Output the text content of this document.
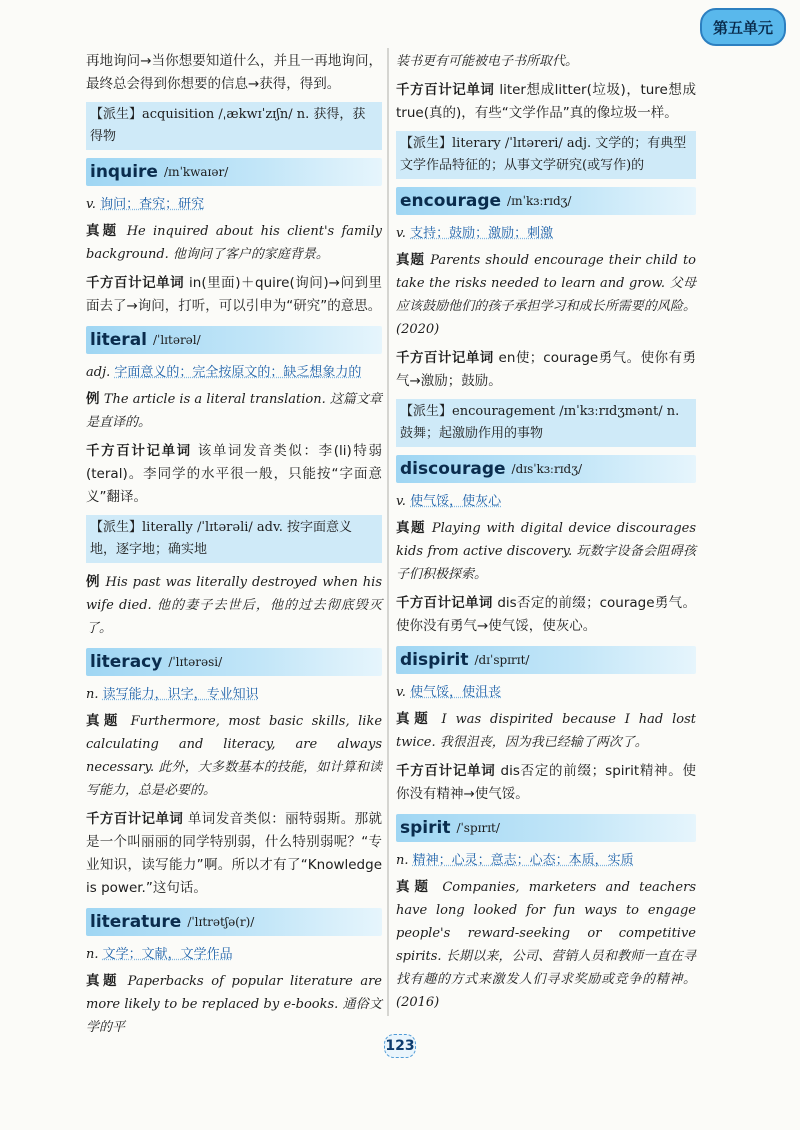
第五单元

再地询问→当你想要知道什么，并且一再地询问，最终总会得到你想要的信息→获得，得到。

【派生】acquisition /ˌækwɪˈzɪʃn/ n. 获得，获得物
inquire /ɪnˈkwaɪər/
v. 询问；查究；研究

真题 He inquired about his client's family background. 他询问了客户的家庭背景。

千方百计记单词 in(里面)＋quire(询问)→问到里面去了→询问，打听，可以引申为“研究”的意思。

literal /ˈlɪtərəl/
adj. 字面意义的；完全按原文的；缺乏想象力的

例 The article is a literal translation. 这篇文章是直译的。

千方百计记单词 该单词发音类似：李(li)特弱(teral)。李同学的水平很一般，只能按“字面意义”翻译。

【派生】literally /ˈlɪtərəli/ adv. 按字面意义地，逐字地；确实地

例 His past was literally destroyed when his wife died. 他的妻子去世后，他的过去彻底毁灭了。

literacy /ˈlɪtərəsi/
n. 读写能力，识字，专业知识

真题 Furthermore, most basic skills, like calculating and literacy, are always necessary. 此外，大多数基本的技能，如计算和读写能力，总是必要的。

千方百计记单词 单词发音类似：丽特弱斯。那就是一个叫丽丽的同学特别弱，什么特别弱呢？“专业知识，读写能力”啊。所以才有了“Knowledge is power.”这句话。

literature /ˈlɪtrətʃə(r)/
n. 文学；文献，文学作品

真题 Paperbacks of popular literature are more likely to be replaced by e-books. 通俗文学的平

装书更有可能被电子书所取代。

千方百计记单词 liter想成litter(垃圾)，ture想成true(真的)，有些“文学作品”真的像垃圾一样。

【派生】literary /ˈlɪtəreri/ adj. 文学的；有典型文学作品特征的；从事文学研究(或写作)的
encourage /ɪnˈkɜːrɪdʒ/
v. 支持；鼓励；激励；刺激

真题 Parents should encourage their child to take the risks needed to learn and grow. 父母应该鼓励他们的孩子承担学习和成长所需要的风险。(2020)

千方百计记单词 en使；courage勇气。使你有勇气→激励；鼓励。

【派生】encouragement /ɪnˈkɜːrɪdʒmənt/ n. 鼓舞；起激励作用的事物
discourage /dɪsˈkɜːrɪdʒ/
v. 使气馁，使灰心

真题 Playing with digital device discourages kids from active discovery. 玩数字设备会阻碍孩子们积极探索。

千方百计记单词 dis否定的前缀；courage勇气。使你没有勇气→使气馁，使灰心。

dispirit /dɪˈspɪrɪt/
v. 使气馁，使沮丧

真题 I was dispirited because I had lost twice. 我很沮丧，因为我已经输了两次了。

千方百计记单词 dis否定的前缀；spirit精神。使你没有精神→使气馁。

spirit /ˈspɪrɪt/
n. 精神；心灵；意志；心态；本质，实质

真题 Companies, marketers and teachers have long looked for fun ways to engage people's reward-seeking or competitive spirits. 长期以来，公司、营销人员和教师一直在寻找有趣的方式来激发人们寻求奖励或竞争的精神。(2016)

123
